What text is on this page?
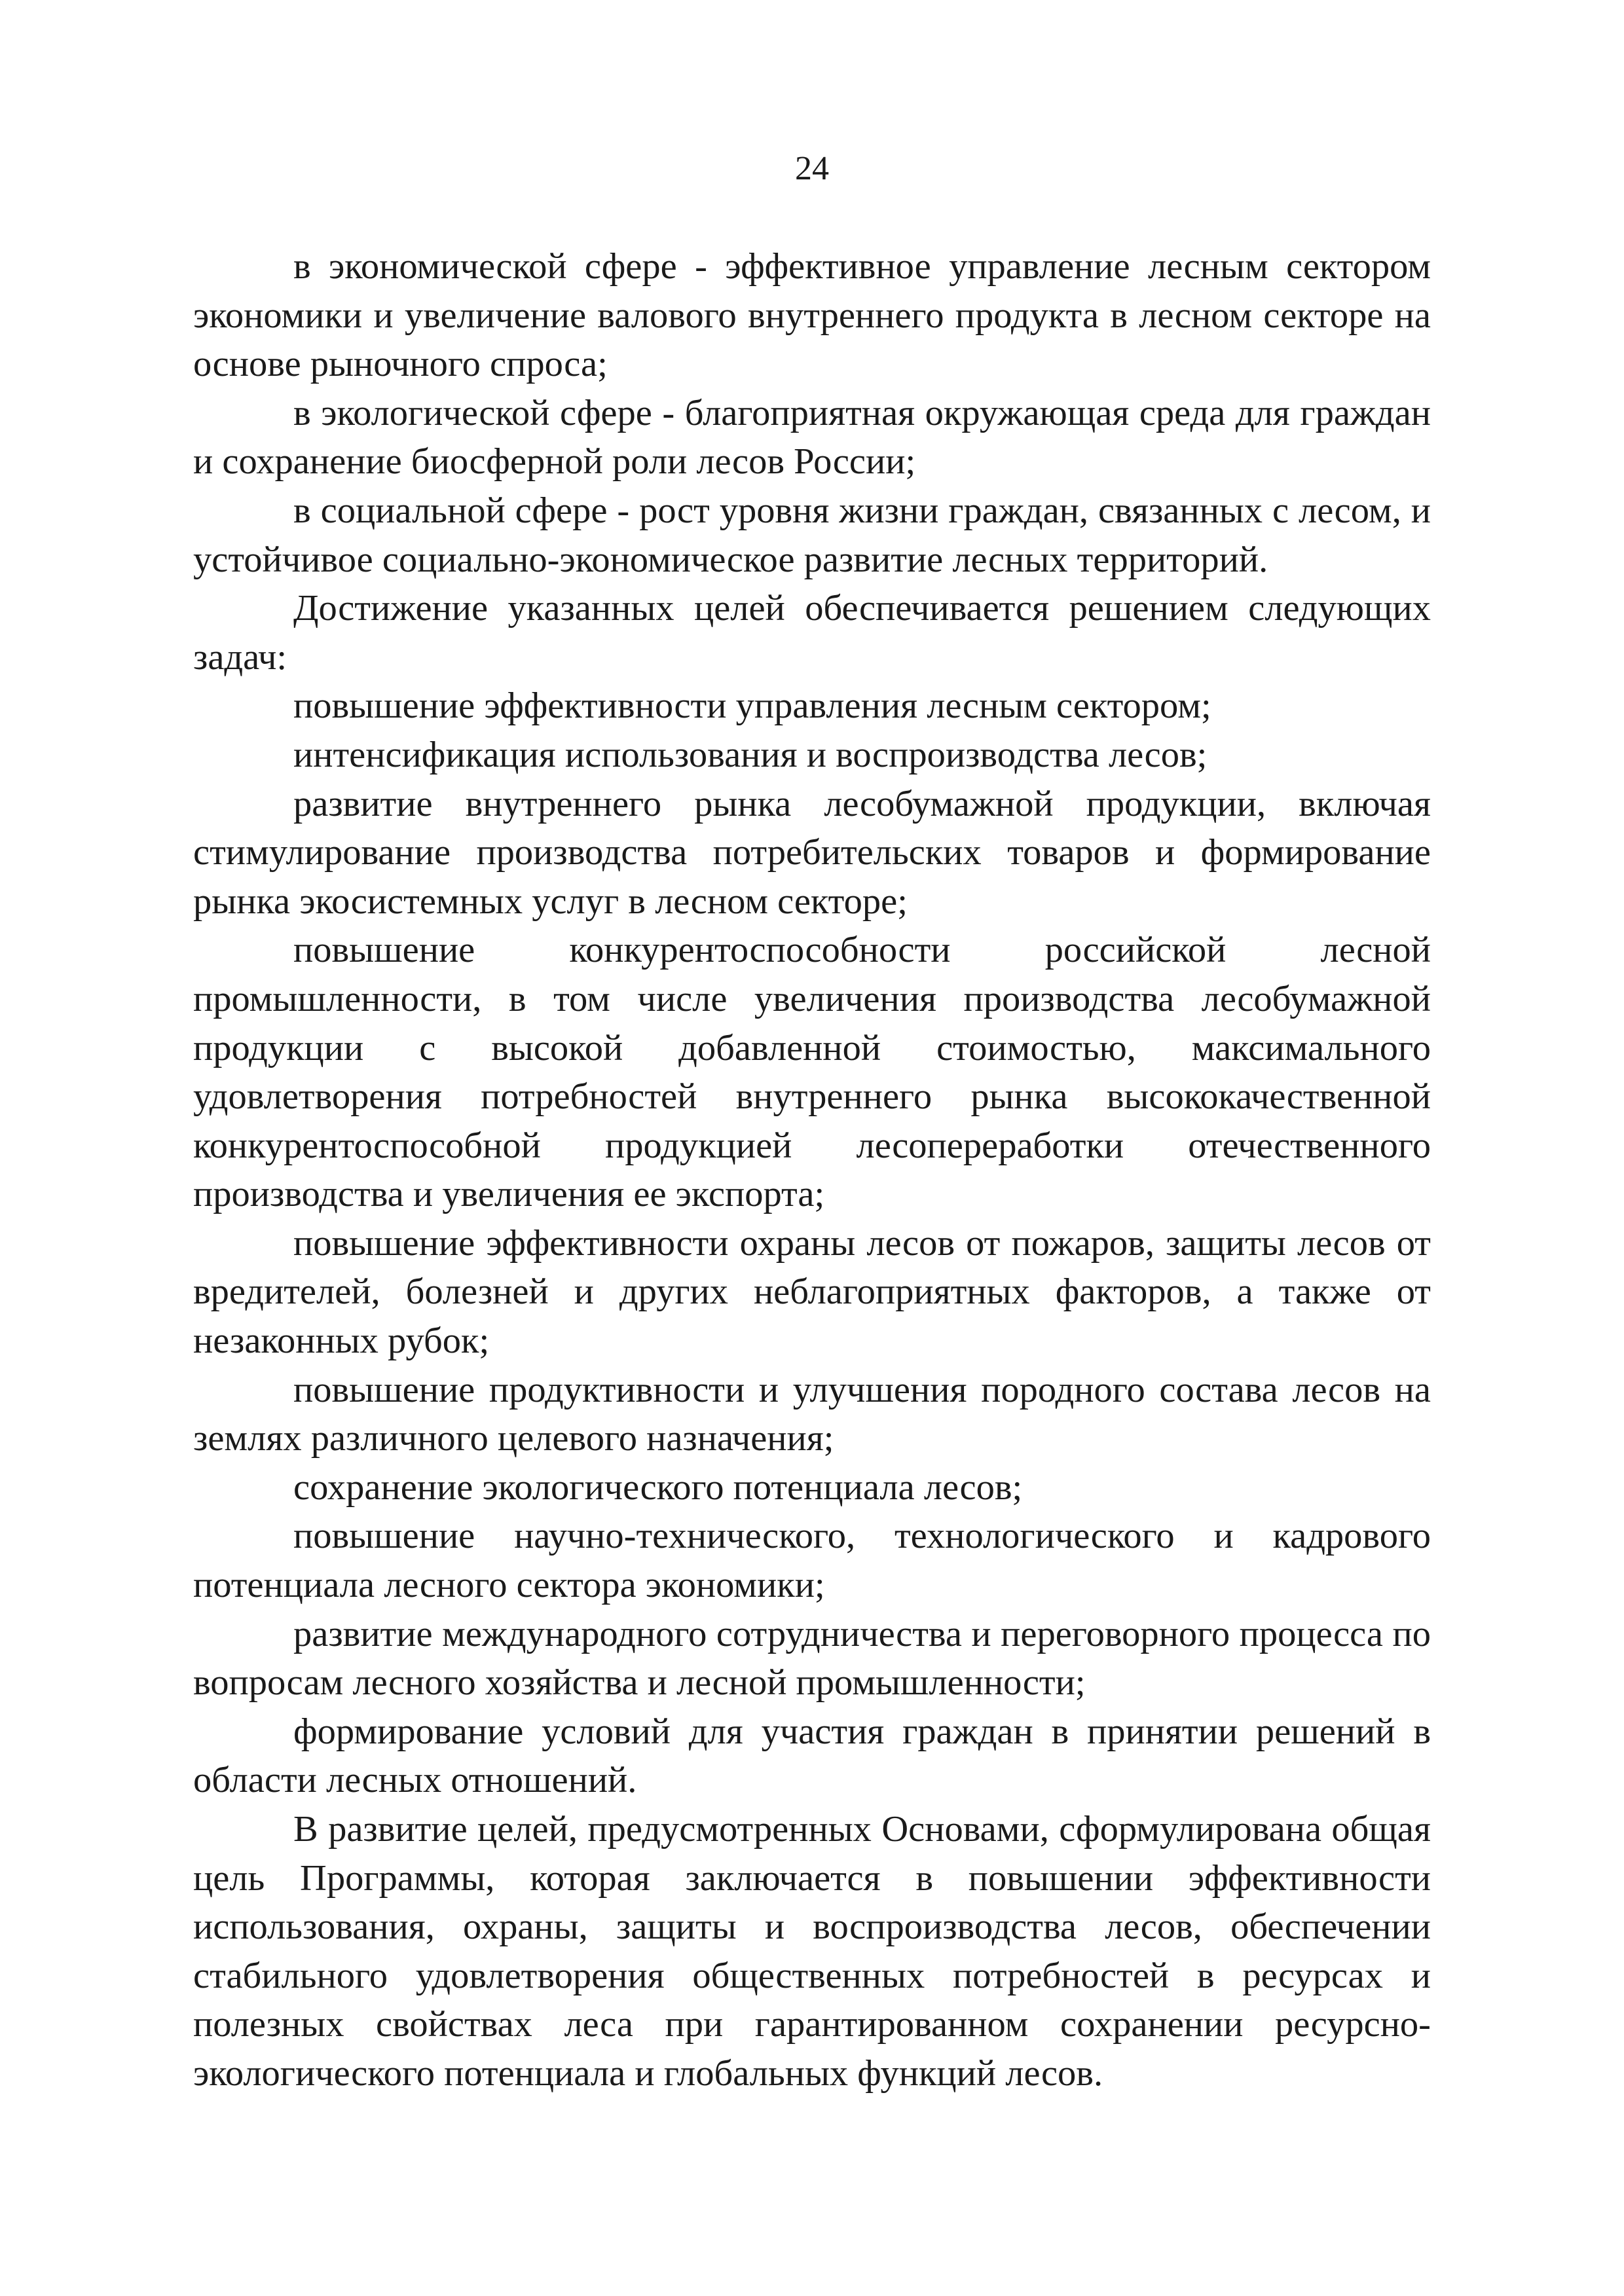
24

в экономической сфере - эффективное управление лесным сектором экономики и увеличение валового внутреннего продукта в лесном секторе на основе рыночного спроса;

в экологической сфере - благоприятная окружающая среда для граждан и сохранение биосферной роли лесов России;

в социальной сфере - рост уровня жизни граждан, связанных с лесом, и устойчивое социально-экономическое развитие лесных территорий.

Достижение указанных целей обеспечивается решением следующих задач:

повышение эффективности управления лесным сектором;

интенсификация использования и воспроизводства лесов;

развитие внутреннего рынка лесобумажной продукции, включая стимулирование производства потребительских товаров и формирование рынка экосистемных услуг в лесном секторе;

повышение конкурентоспособности российской лесной промышленности, в том числе увеличения производства лесобумажной продукции с высокой добавленной стоимостью, максимального удовлетворения потребностей внутреннего рынка высококачественной конкурентоспособной продукцией лесопереработки отечественного производства и увеличения ее экспорта;

повышение эффективности охраны лесов от пожаров, защиты лесов от вредителей, болезней и других неблагоприятных факторов, а также от незаконных рубок;

повышение продуктивности и улучшения породного состава лесов на землях различного целевого назначения;

сохранение экологического потенциала лесов;

повышение научно-технического, технологического и кадрового потенциала лесного сектора экономики;

развитие международного сотрудничества и переговорного процесса по вопросам лесного хозяйства и лесной промышленности;

формирование условий для участия граждан в принятии решений в области лесных отношений.

В развитие целей, предусмотренных Основами, сформулирована общая цель Программы, которая заключается в повышении эффективности использования, охраны, защиты и воспроизводства лесов, обеспечении стабильного удовлетворения общественных потребностей в ресурсах и полезных свойствах леса при гарантированном сохранении ресурсно-экологического потенциала и глобальных функций лесов.
